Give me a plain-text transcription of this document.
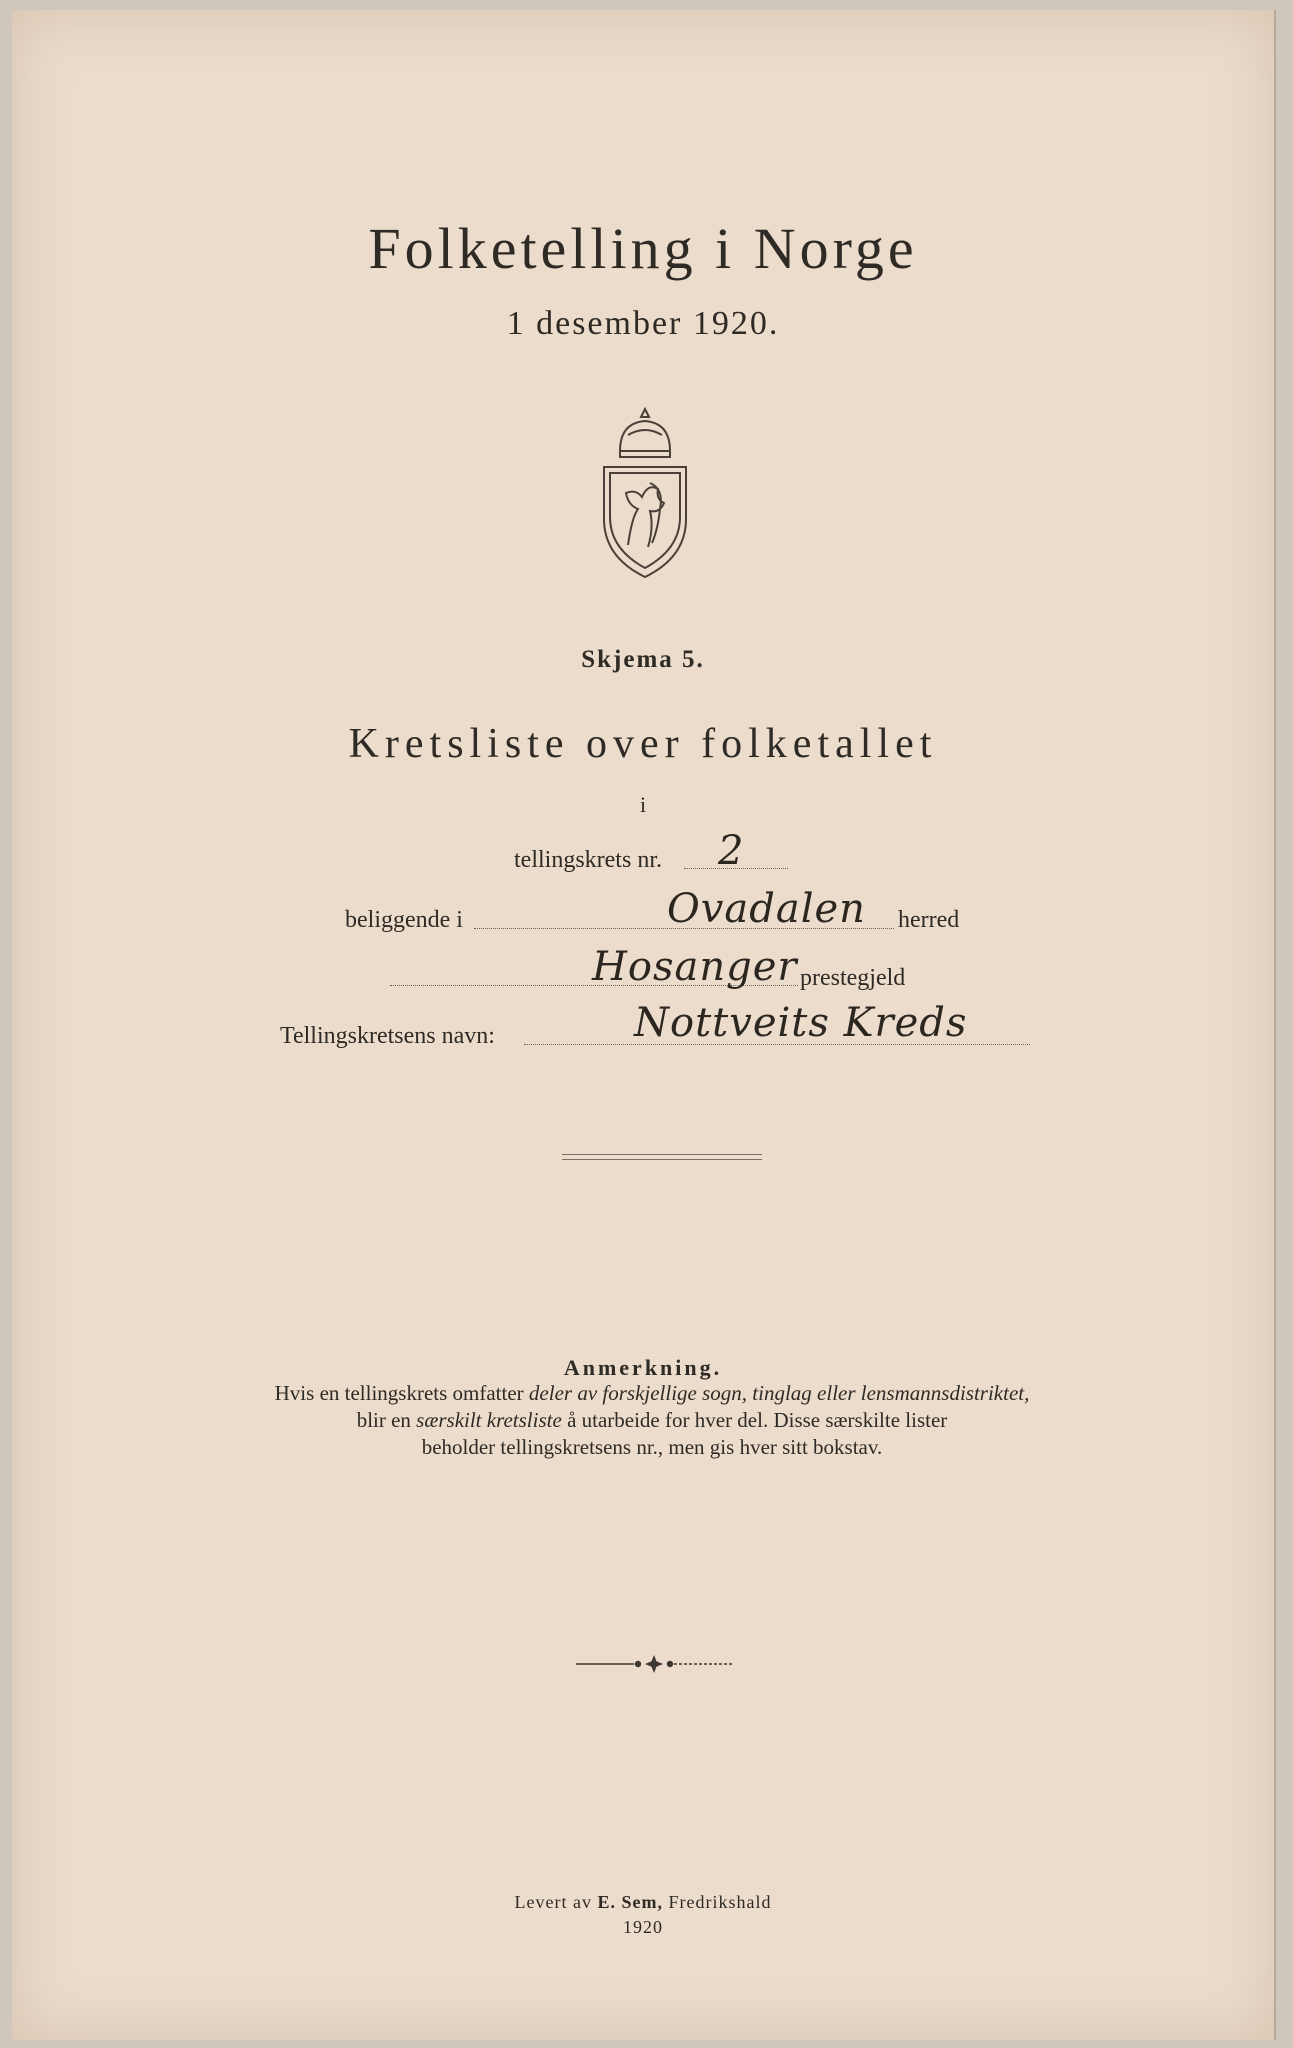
Folketelling i Norge
1 desember 1920.
Skjema 5.
Kretsliste over folketallet
i
tellingskrets nr. 2
beliggende i	Ovadalen herred
Hosanger prestegjeld
Tellingskretsens navn:	Nottveits Kreds
Anmerkning.
Hvis en tellingskrets omfatter deler av forskjellige sogn, tinglag eller lensmannsdistriktet,
blir en særskilt kretsliste å utarbeide for hver del. Disse særskilte lister
beholder tellingskretsens nr., men gis hver sitt bokstav.
Levert av E. Sem, Fredrikshald
1920
